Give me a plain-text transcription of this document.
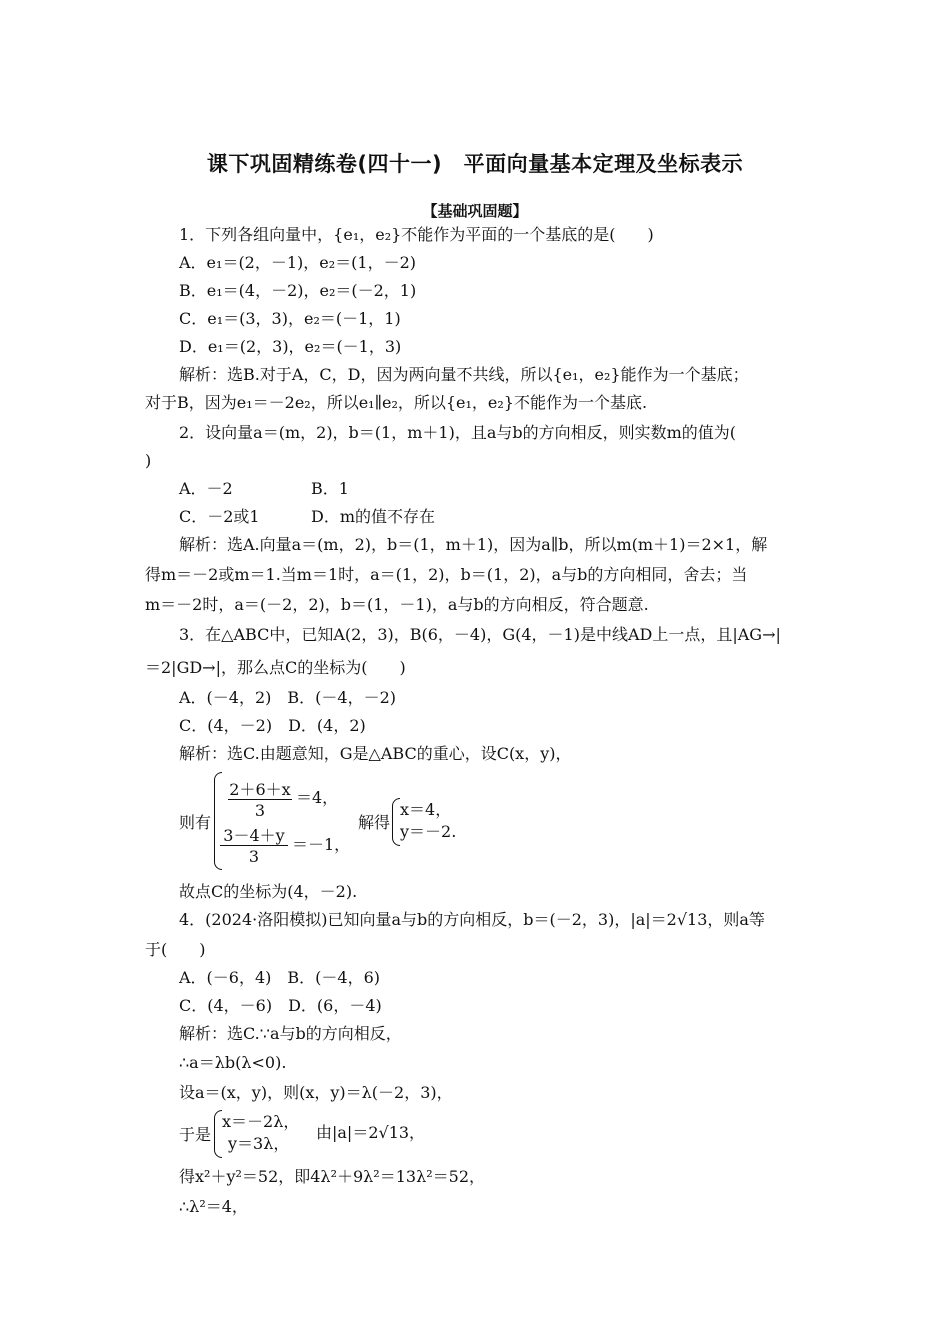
课下巩固精练卷(四十一)　平面向量基本定理及坐标表示
【基础巩固题】
1．下列各组向量中，{e₁，e₂}不能作为平面的一个基底的是(　　)
A．e₁＝(2，－1)，e₂＝(1，－2)
B．e₁＝(4，－2)，e₂＝(－2，1)
C．e₁＝(3，3)，e₂＝(－1，1)
D．e₁＝(2，3)，e₂＝(－1，3)
解析：选B.对于A，C，D，因为两向量不共线，所以{e₁，e₂}能作为一个基底；
对于B，因为e₁＝－2e₂，所以e₁∥e₂，所以{e₁，e₂}不能作为一个基底.
2．设向量a＝(m，2)，b＝(1，m＋1)，且a与b的方向相反，则实数m的值为(
)
A．－2	B．1
C．－2或1	D．m的值不存在
解析：选A.向量a＝(m，2)，b＝(1，m＋1)，因为a∥b，所以m(m＋1)＝2×1，解
得m＝－2或m＝1.当m＝1时，a＝(1，2)，b＝(1，2)，a与b的方向相同，舍去；当
m＝－2时，a＝(－2，2)，b＝(1，－1)，a与b的方向相反，符合题意.
3．在△ABC中，已知A(2，3)，B(6，－4)，G(4，－1)是中线AD上一点，且|AG→|
＝2|GD→|，那么点C的坐标为(　　)
A．(－4，2)　B．(－4，－2)
C．(4，－2)　D．(4，2)
解析：选C.由题意知，G是△ABC的重心，设C(x，y)，
则有
2＋6＋x
3
＝4，
3－4＋y
3
＝－1，
解得
x＝4，
y＝－2.
故点C的坐标为(4，－2).
4．(2024·洛阳模拟)已知向量a与b的方向相反，b＝(－2，3)，|a|＝2√13，则a等
于(　　)
A．(－6，4)　B．(－4，6)
C．(4，－6)　D．(6，－4)
解析：选C.∵a与b的方向相反，
∴a＝λb(λ<0).
设a＝(x，y)，则(x，y)＝λ(－2，3)，
于是
x＝－2λ，
y＝3λ，
由|a|＝2√13，
得x²＋y²＝52，即4λ²＋9λ²＝13λ²＝52，
∴λ²＝4，
